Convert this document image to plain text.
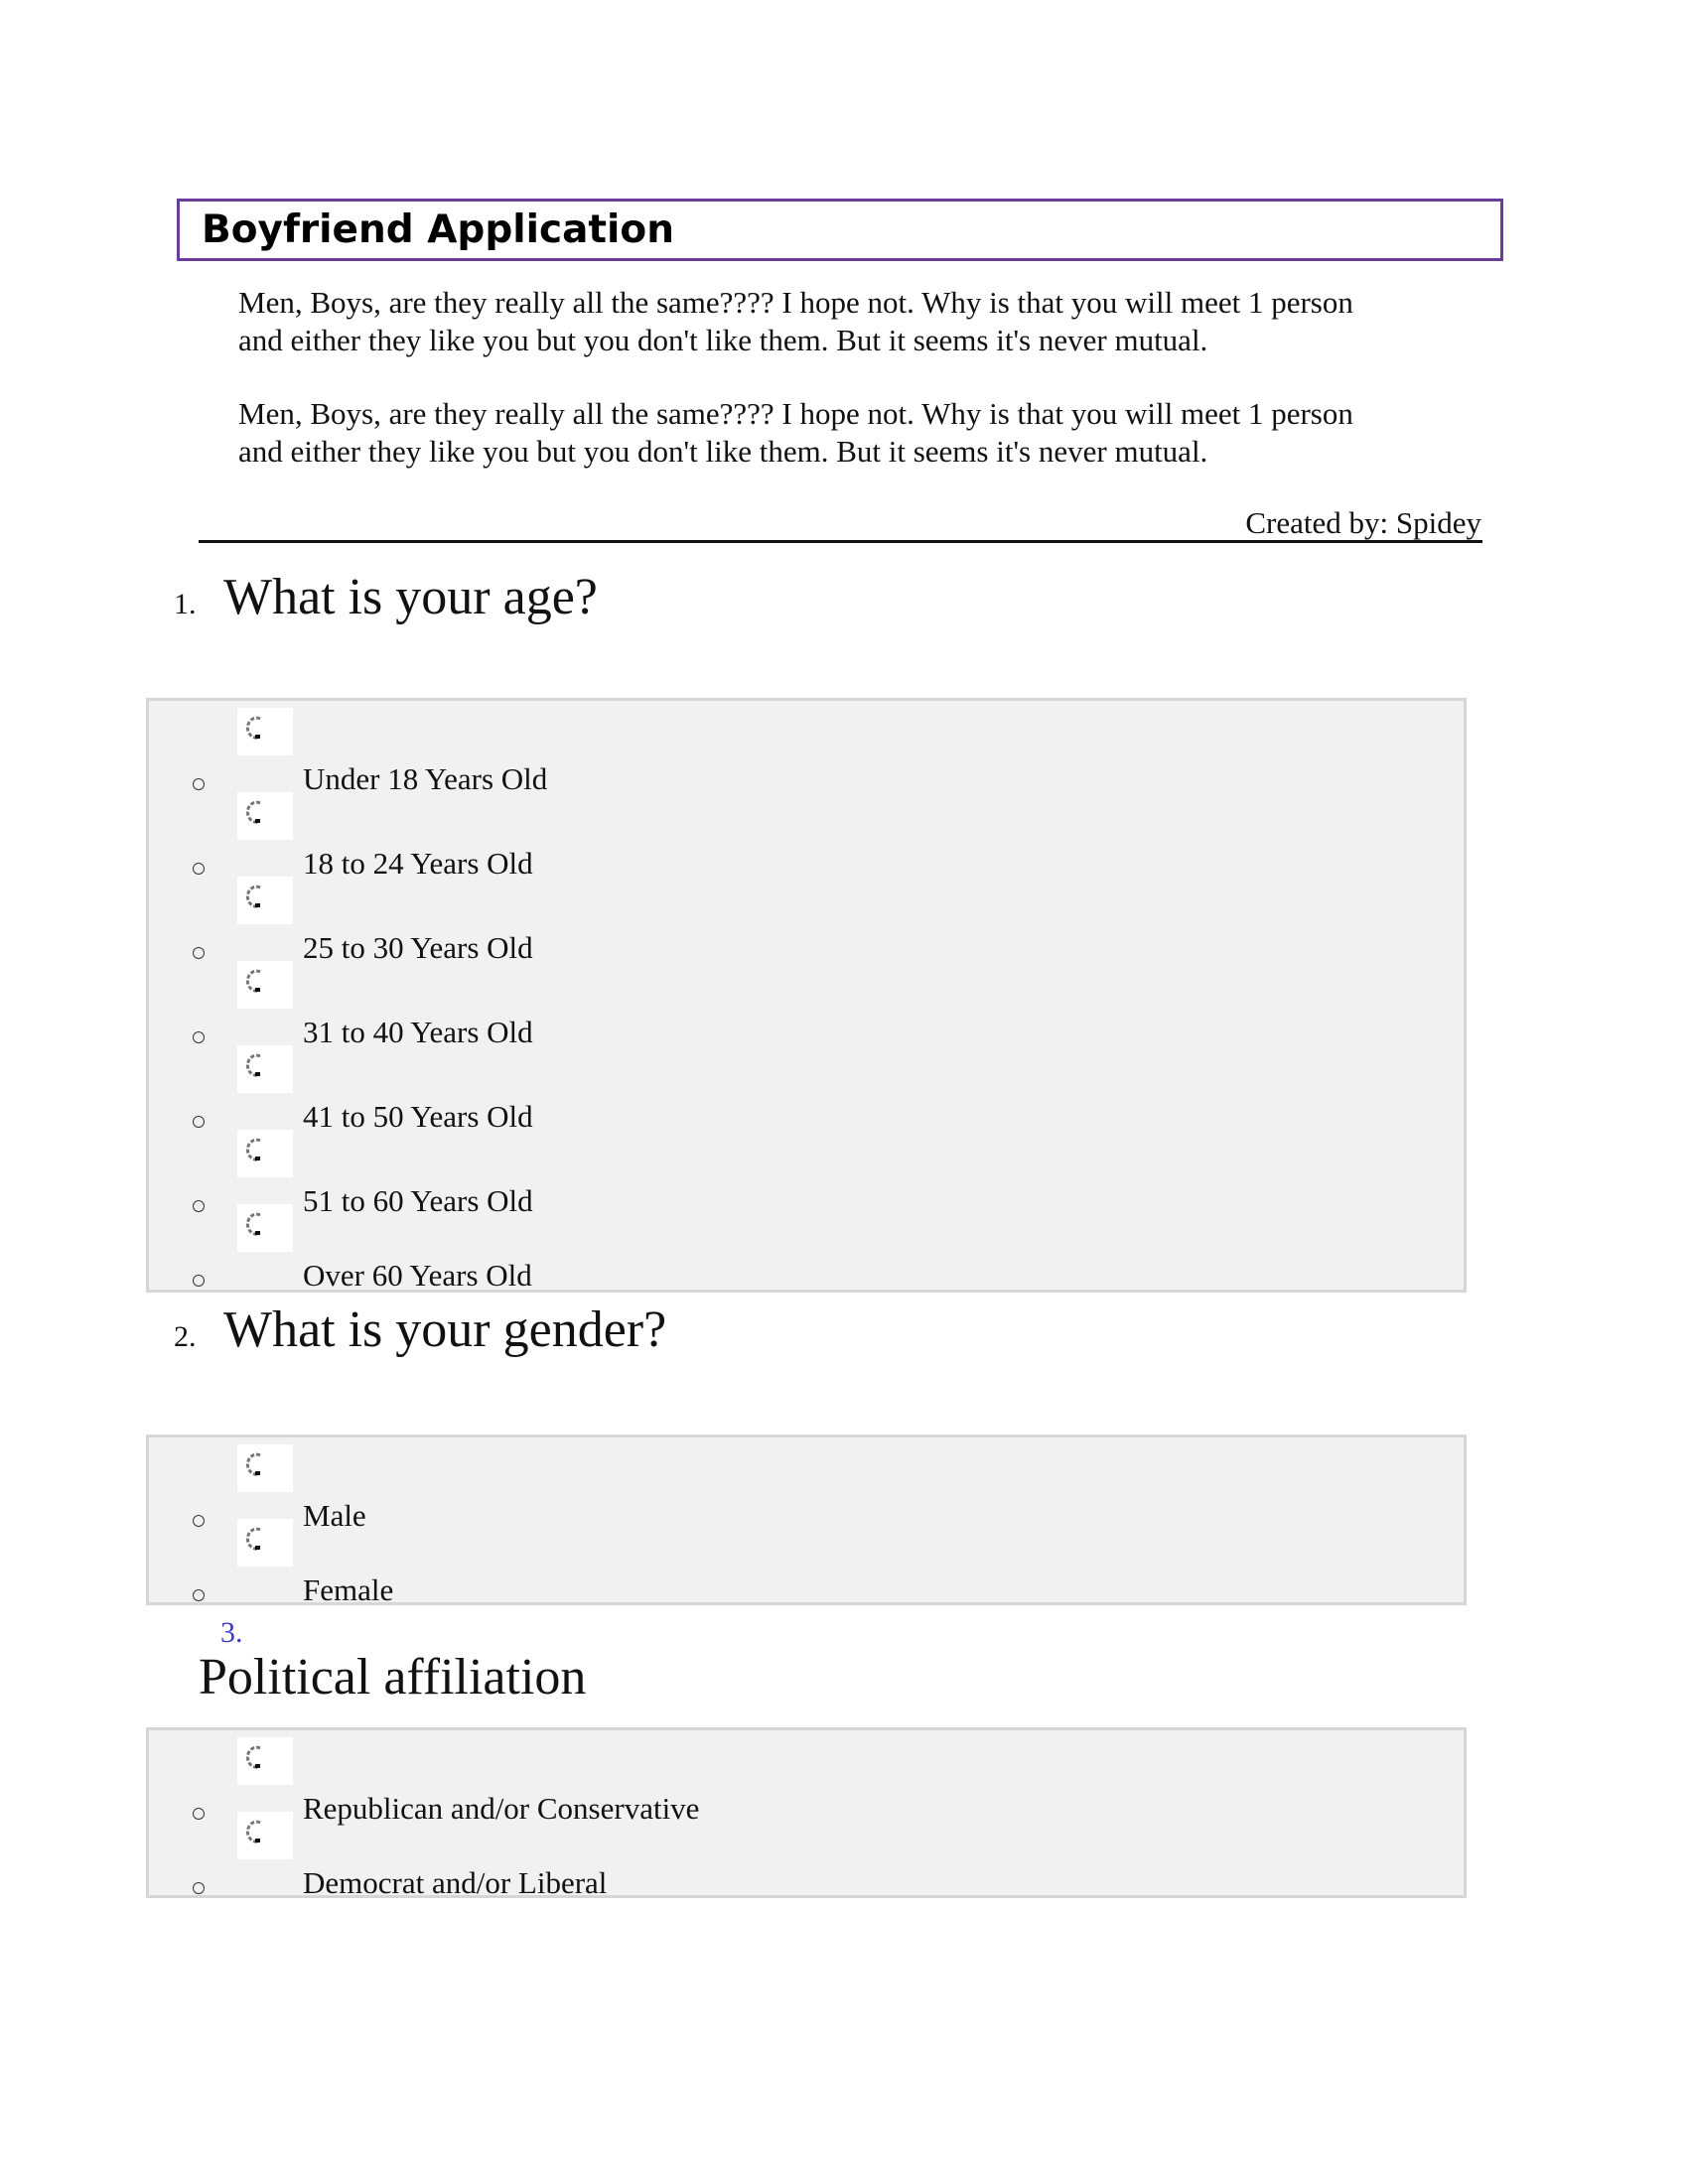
Boyfriend Application
Men, Boys, are they really all the same???? I hope not. Why is that you will meet 1 person
and either they like you but you don't like them. But it seems it's never mutual.
Men, Boys, are they really all the same???? I hope not. Why is that you will meet 1 person
and either they like you but you don't like them. But it seems it's never mutual.
Created by: Spidey
1. What is your age?
Under 18 Years Old
18 to 24 Years Old
25 to 30 Years Old
31 to 40 Years Old
41 to 50 Years Old
51 to 60 Years Old
Over 60 Years Old
2. What is your gender?
Male
Female
3.
Political affiliation
Republican and/or Conservative
Democrat and/or Liberal
